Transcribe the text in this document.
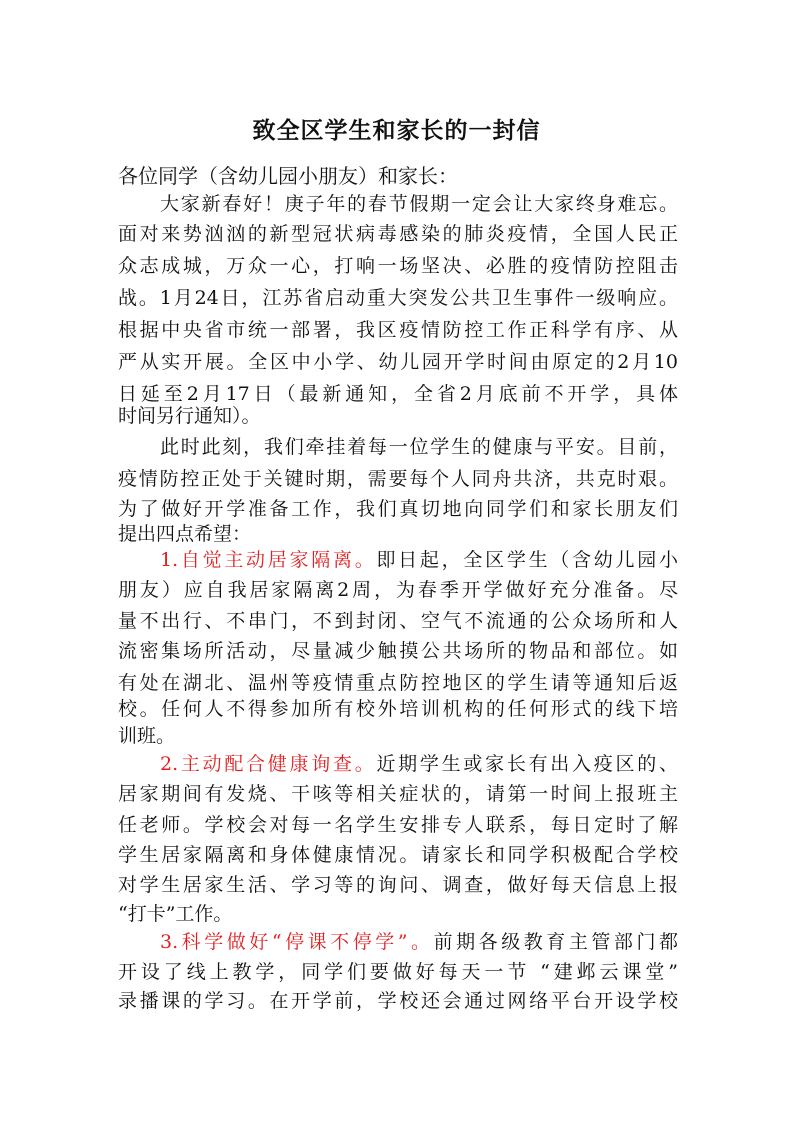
致全区学生和家长的一封信

各位同学（含幼儿园小朋友）和家长：

大家新春好！庚子年的春节假期一定会让大家终身难忘。

面对来势汹汹的新型冠状病毒感染的肺炎疫情，全国人民正

众志成城，万众一心，打响一场坚决、必胜的疫情防控阻击

战。1月24日，江苏省启动重大突发公共卫生事件一级响应。

根据中央省市统一部署，我区疫情防控工作正科学有序、从

严从实开展。全区中小学、幼儿园开学时间由原定的2月10

日延至2月17日（最新通知，全省2月底前不开学，具体

时间另行通知）。

此时此刻，我们牵挂着每一位学生的健康与平安。目前，

疫情防控正处于关键时期，需要每个人同舟共济，共克时艰。

为了做好开学准备工作，我们真切地向同学们和家长朋友们

提出四点希望：

1.自觉主动居家隔离。即日起，全区学生（含幼儿园小

朋友）应自我居家隔离2周，为春季开学做好充分准备。尽

量不出行、不串门，不到封闭、空气不流通的公众场所和人

流密集场所活动，尽量减少触摸公共场所的物品和部位。如

有处在湖北、温州等疫情重点防控地区的学生请等通知后返

校。任何人不得参加所有校外培训机构的任何形式的线下培

训班。

2.主动配合健康询查。近期学生或家长有出入疫区的、

居家期间有发烧、干咳等相关症状的，请第一时间上报班主

任老师。学校会对每一名学生安排专人联系，每日定时了解

学生居家隔离和身体健康情况。请家长和同学积极配合学校

对学生居家生活、学习等的询问、调查，做好每天信息上报

“打卡”工作。

3.科学做好“停课不停学”。前期各级教育主管部门都

开设了线上教学，同学们要做好每天一节 “建邺云课堂”

录播课的学习。在开学前，学校还会通过网络平台开设学校
